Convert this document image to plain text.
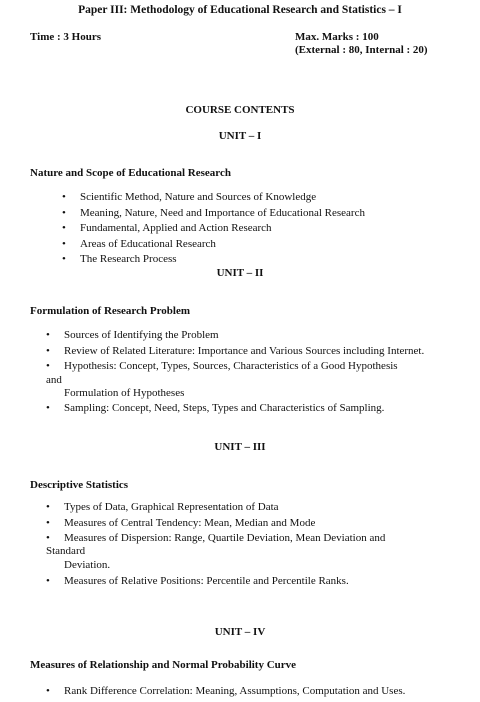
Paper III: Methodology of Educational Research and Statistics – I
Time : 3 Hours	Max. Marks : 100
(External : 80, Internal : 20)
COURSE CONTENTS
UNIT – I
Nature and Scope of Educational Research
• Scientific Method, Nature and Sources of Knowledge
• Meaning, Nature, Need and Importance of Educational Research
• Fundamental, Applied and Action Research
• Areas of Educational Research
• The Research Process
UNIT – II
Formulation of Research Problem
• Sources of Identifying the Problem
• Review of Related Literature: Importance and Various Sources including Internet.
• Hypothesis: Concept, Types, Sources, Characteristics of a Good Hypothesis
and
Formulation of Hypotheses
• Sampling: Concept, Need, Steps, Types and Characteristics of Sampling.
UNIT – III
Descriptive Statistics
• Types of Data, Graphical Representation of Data
• Measures of Central Tendency: Mean, Median and Mode
• Measures of Dispersion: Range, Quartile Deviation, Mean Deviation and
Standard
Deviation.
• Measures of Relative Positions: Percentile and Percentile Ranks.
UNIT – IV
Measures of Relationship and Normal Probability Curve
• Rank Difference Correlation: Meaning, Assumptions, Computation and Uses.
